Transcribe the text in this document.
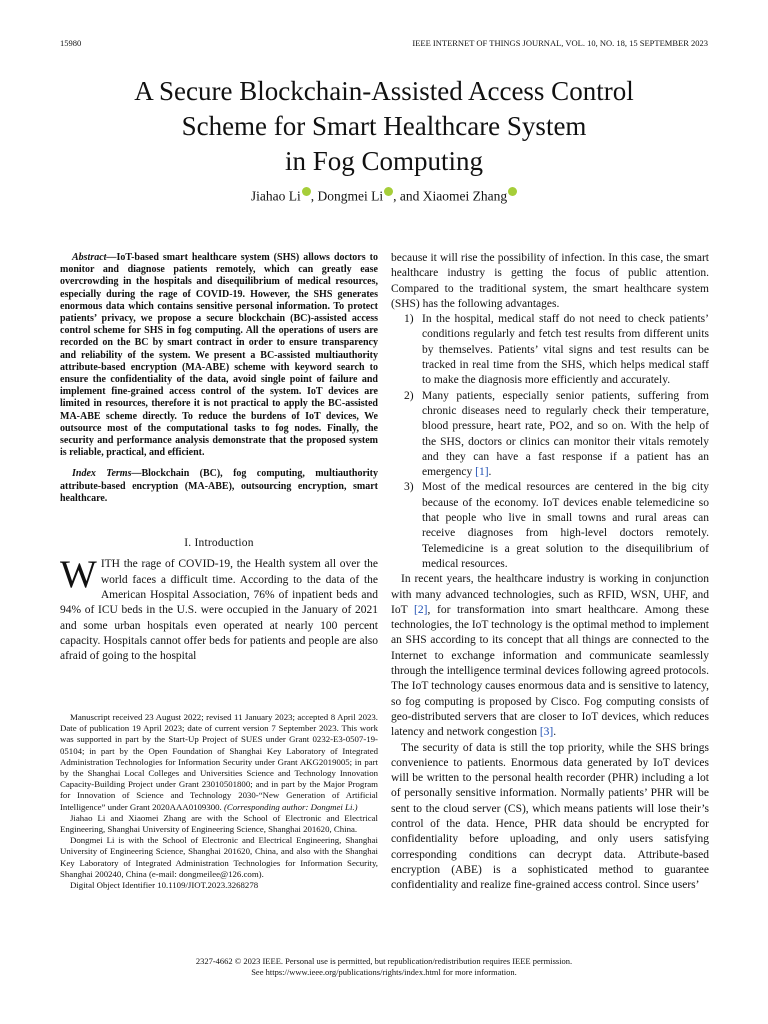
15980	IEEE INTERNET OF THINGS JOURNAL, VOL. 10, NO. 18, 15 SEPTEMBER 2023
A Secure Blockchain-Assisted Access Control
Scheme for Smart Healthcare System
in Fog Computing
Jiahao Li , Dongmei Li , and Xiaomei Zhang

Abstract—IoT-based smart healthcare system (SHS) allows doctors to monitor and diagnose patients remotely, which can greatly ease overcrowding in the hospitals and disequilibrium of medical resources, especially during the rage of COVID-19. However, the SHS generates enormous data which contains sensitive personal information. To protect patients’ privacy, we propose a secure blockchain (BC)-assisted access control scheme for SHS in fog computing. All the operations of users are recorded on the BC by smart contract in order to ensure transparency and reliability of the system. We present a BC-assisted multiauthority attribute-based encryption (MA-ABE) scheme with keyword search to ensure the confidentiality of the data, avoid single point of failure and implement fine-grained access control of the system. IoT devices are limited in resources, therefore it is not practical to apply the BC-assisted MA-ABE scheme directly. To reduce the burdens of IoT devices, We outsource most of the computational tasks to fog nodes. Finally, the security and performance analysis demonstrate that the proposed system is reliable, practical, and efficient.

Index Terms—Blockchain (BC), fog computing, multiauthority attribute-based encryption (MA-ABE), outsourcing encryption, smart healthcare.

I. Introduction

WITH the rage of COVID-19, the Health system all over the world faces a difficult time. According to the data of the American Hospital Association, 76% of inpatient beds and 94% of ICU beds in the U.S. were occupied in the January of 2021 and some urban hospitals even operated at nearly 100 percent capacity. Hospitals cannot offer beds for patients and people are also afraid of going to the hospital

Manuscript received 23 August 2022; revised 11 January 2023; accepted 8 April 2023. Date of publication 19 April 2023; date of current version 7 September 2023. This work was supported in part by the Start-Up Project of SUES under Grant 0232-E3-0507-19-05104; in part by the Open Foundation of Shanghai Key Laboratory of Integrated Administration Technologies for Information Security under Grant AKG2019005; in part by the Shanghai Local Colleges and Universities Science and Technology Innovation Capacity-Building Project under Grant 23010501800; and in part by the Major Program for Innovation of Science and Technology 2030-“New Generation of Artificial Intelligence” under Grant 2020AAA0109300. (Corresponding author: Dongmei Li.)

Jiahao Li and Xiaomei Zhang are with the School of Electronic and Electrical Engineering, Shanghai University of Engineering Science, Shanghai 201620, China.

Dongmei Li is with the School of Electronic and Electrical Engineering, Shanghai University of Engineering Science, Shanghai 201620, China, and also with the Shanghai Key Laboratory of Integrated Administration Technologies for Information Security, Shanghai 200240, China (e-mail: dongmeilee@126.com).

Digital Object Identifier 10.1109/JIOT.2023.3268278

because it will rise the possibility of infection. In this case, the smart healthcare industry is getting the focus of public attention. Compared to the traditional system, the smart healthcare system (SHS) has the following advantages.

1) In the hospital, medical staff do not need to check patients’ conditions regularly and fetch test results from different units by themselves. Patients’ vital signs and test results can be tracked in real time from the SHS, which helps medical staff to make the diagnosis more efficiently and accurately.
2) Many patients, especially senior patients, suffering from chronic diseases need to regularly check their temperature, blood pressure, heart rate, PO2, and so on. With the help of the SHS, doctors or clinics can monitor their vitals remotely and they can have a fast response if a patient has an emergency [1].
3) Most of the medical resources are centered in the big city because of the economy. IoT devices enable telemedicine so that people who live in small towns and rural areas can receive diagnoses from high-level doctors remotely. Telemedicine is a great solution to the disequilibrium of medical resources.

In recent years, the healthcare industry is working in conjunction with many advanced technologies, such as RFID, WSN, UHF, and IoT [2], for transformation into smart healthcare. Among these technologies, the IoT technology is the optimal method to implement an SHS according to its concept that all things are connected to the Internet to exchange information and communicate seamlessly through the intelligence terminal devices following agreed protocols. The IoT technology causes enormous data and is sensitive to latency, so fog computing is proposed by Cisco. Fog computing consists of geo-distributed servers that are closer to IoT devices, which reduces latency and network congestion [3].

The security of data is still the top priority, while the SHS brings convenience to patients. Enormous data generated by IoT devices will be written to the personal health recorder (PHR) including a lot of personally sensitive information. Normally patients’ PHR will be sent to the cloud server (CS), which means patients will lose their’s control of the data. Hence, PHR data should be encrypted for confidentiality before uploading, and only users satisfying corresponding conditions can decrypt data. Attribute-based encryption (ABE) is a sophisticated method to guarantee confidentiality and realize fine-grained access control. Since users’

2327-4662 © 2023 IEEE. Personal use is permitted, but republication/redistribution requires IEEE permission.
See https://www.ieee.org/publications/rights/index.html for more information.
